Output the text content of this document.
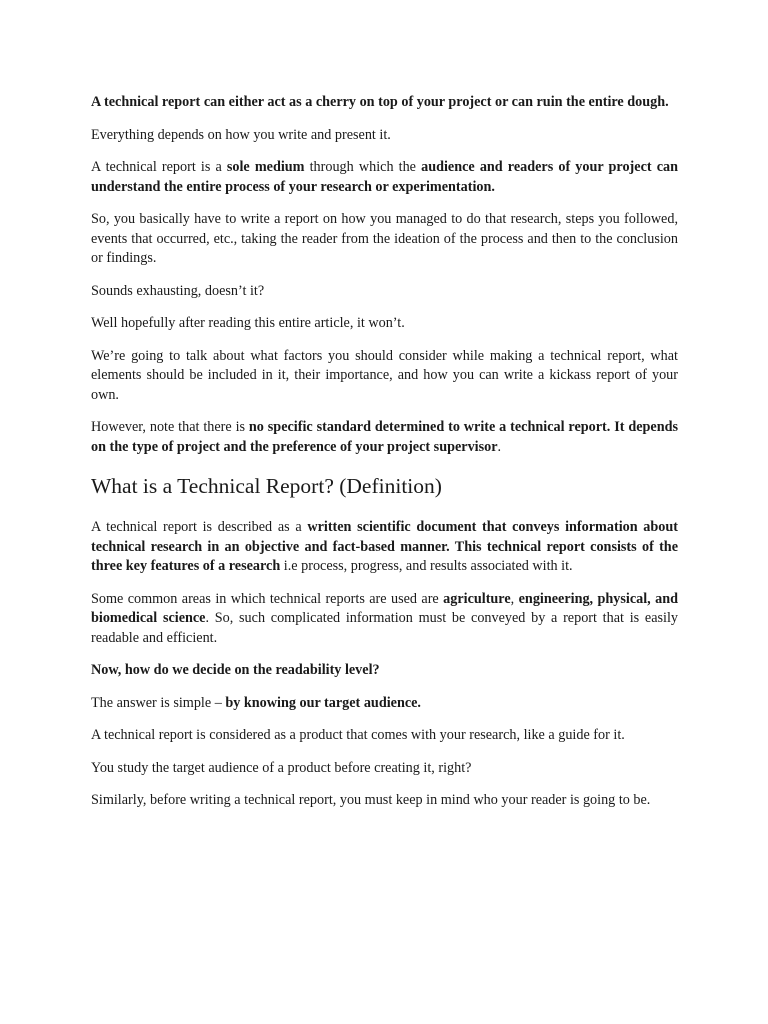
A technical report can either act as a cherry on top of your project or can ruin the entire dough.

Everything depends on how you write and present it.

A technical report is a sole medium through which the audience and readers of your project can understand the entire process of your research or experimentation.

So, you basically have to write a report on how you managed to do that research, steps you followed, events that occurred, etc., taking the reader from the ideation of the process and then to the conclusion or findings.

Sounds exhausting, doesn’t it?

Well hopefully after reading this entire article, it won’t.

We’re going to talk about what factors you should consider while making a technical report, what elements should be included in it, their importance, and how you can write a kickass report of your own.

However, note that there is no specific standard determined to write a technical report. It depends on the type of project and the preference of your project supervisor.

What is a Technical Report? (Definition)

A technical report is described as a written scientific document that conveys information about technical research in an objective and fact-based manner. This technical report consists of the three key features of a research i.e process, progress, and results associated with it.

Some common areas in which technical reports are used are agriculture, engineering, physical, and biomedical science. So, such complicated information must be conveyed by a report that is easily readable and efficient.

Now, how do we decide on the readability level?

The answer is simple – by knowing our target audience.

A technical report is considered as a product that comes with your research, like a guide for it.

You study the target audience of a product before creating it, right?

Similarly, before writing a technical report, you must keep in mind who your reader is going to be.
